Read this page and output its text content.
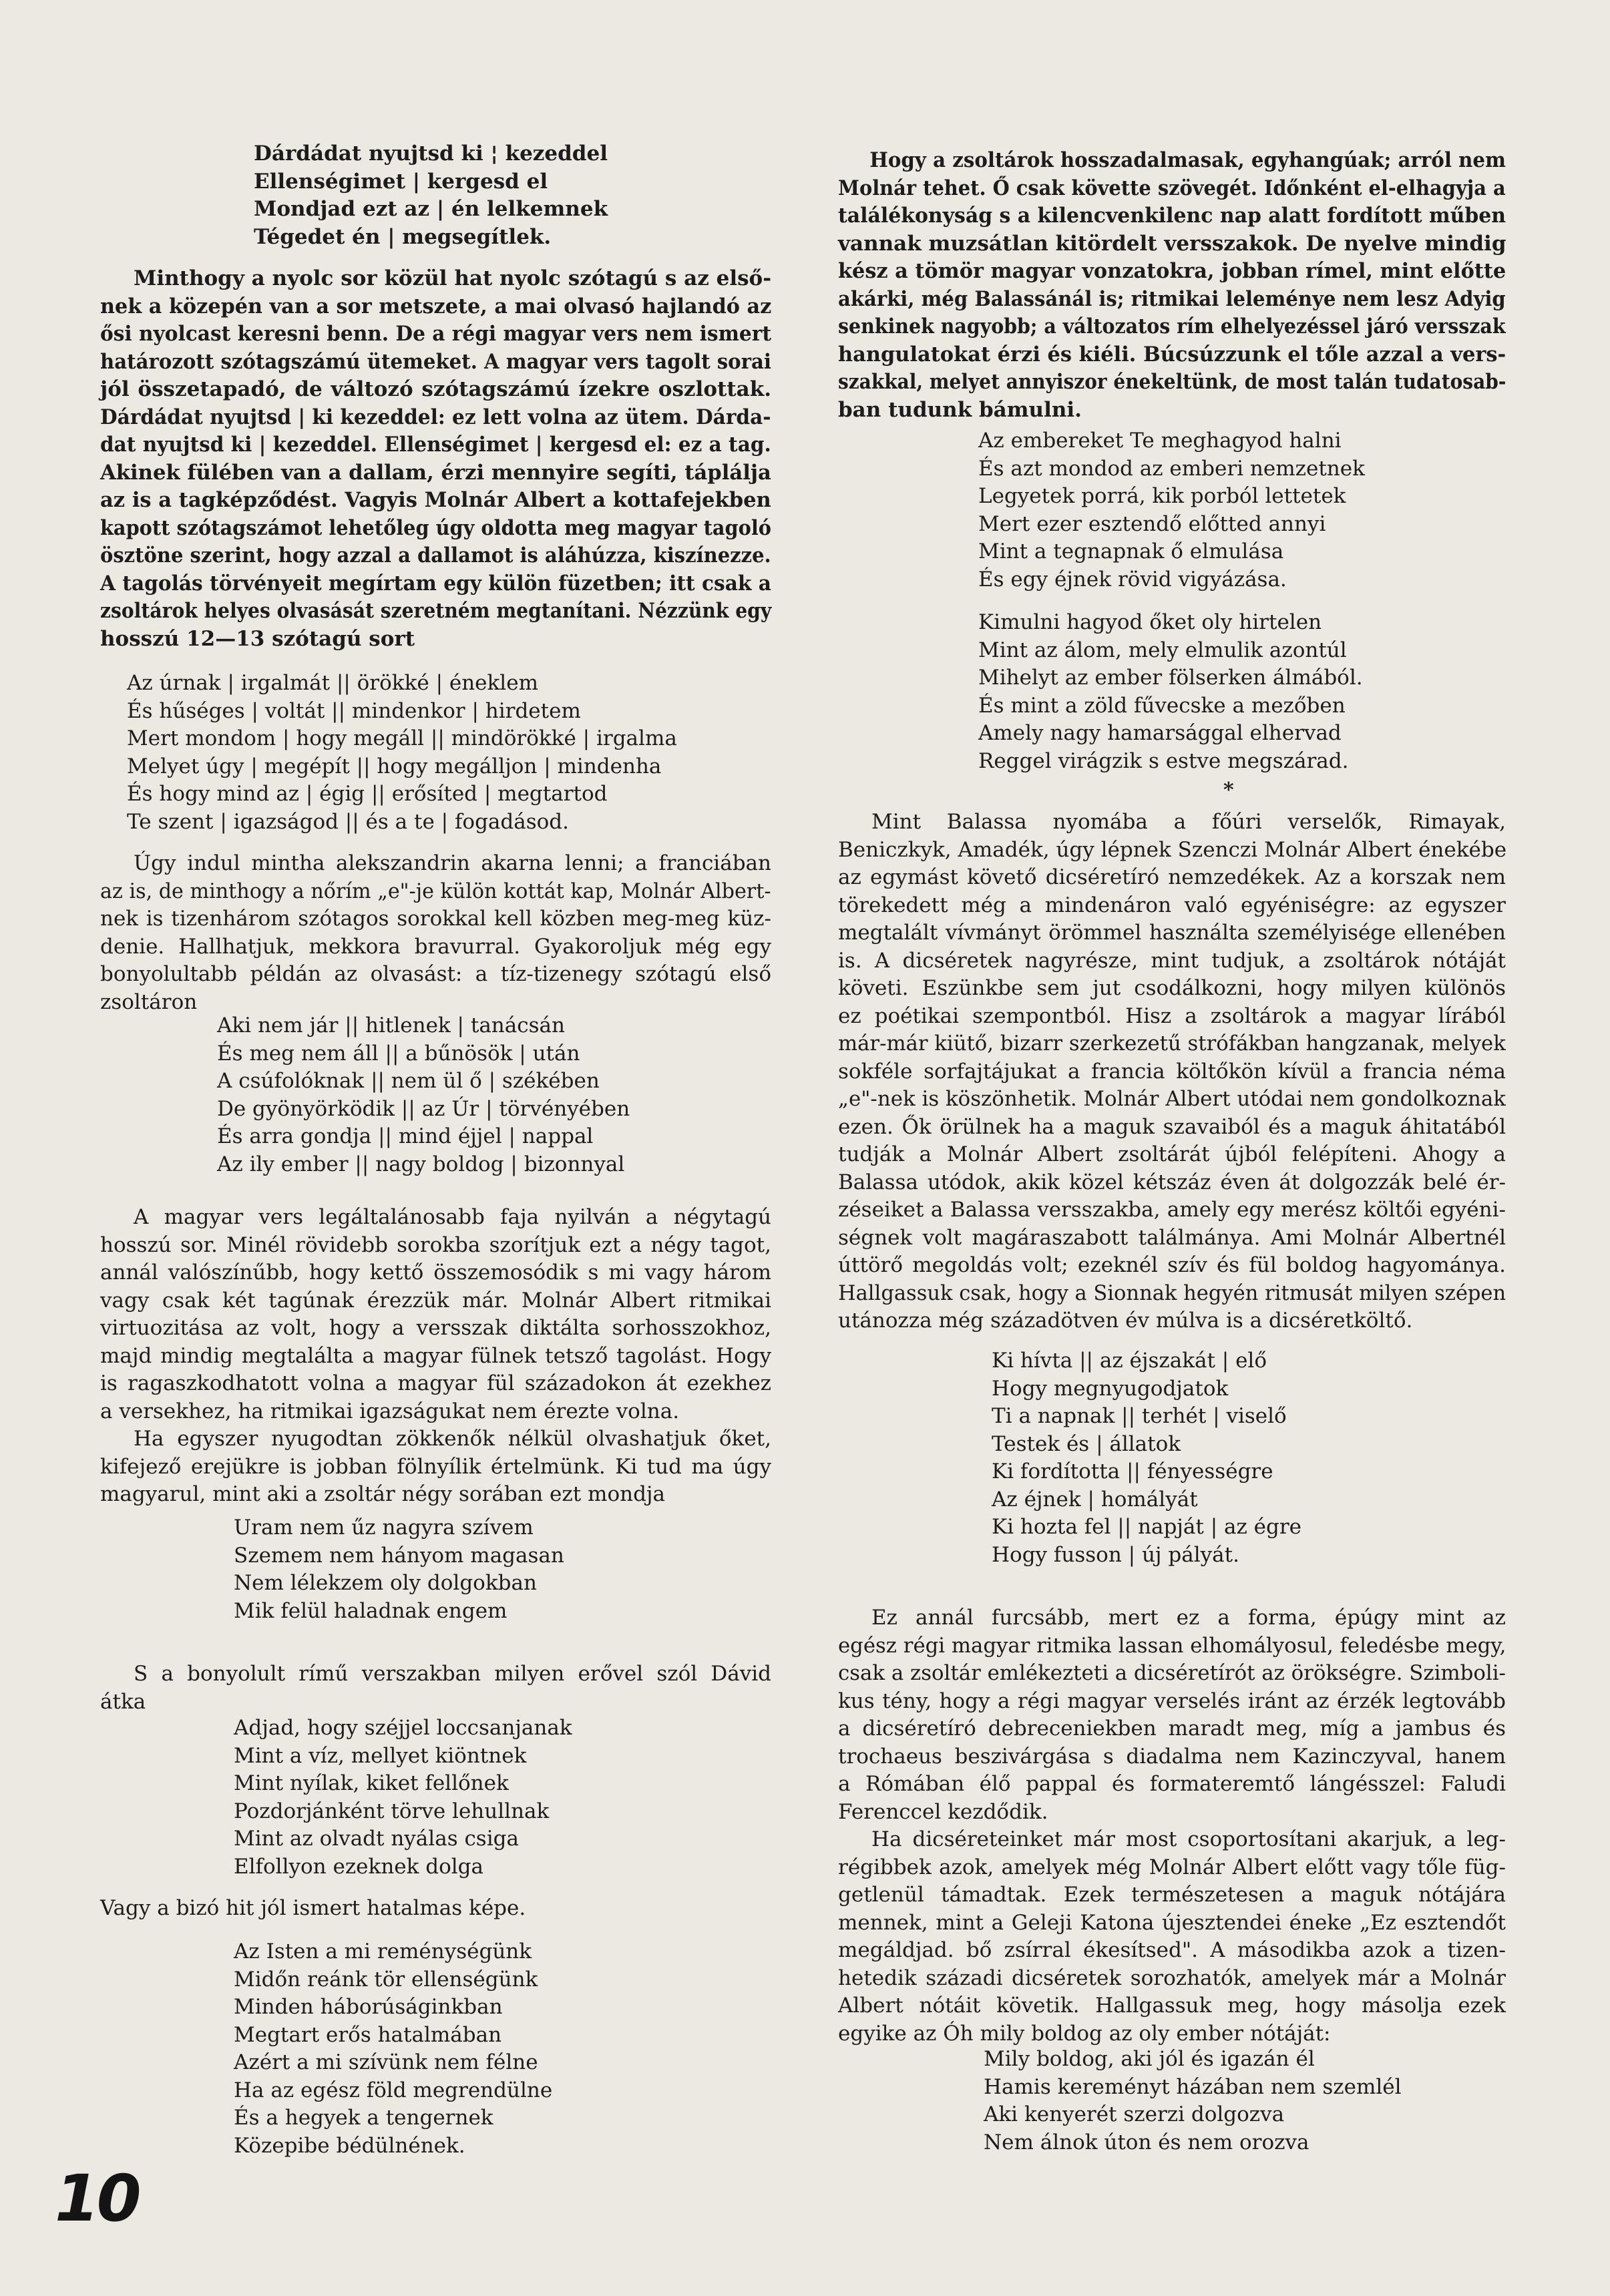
Dárdádat nyujtsd ki ¦ kezeddel
Ellenségimet | kergesd el
Mondjad ezt az | én lelkemnek
Tégedet én | megsegítlek.
Minthogy a nyolc sor közül hat nyolc szótagú s az első-
nek a közepén van a sor metszete, a mai olvasó hajlandó az
ősi nyolcast keresni benn. De a régi magyar vers nem ismert
határozott szótagszámú ütemeket. A magyar vers tagolt sorai
jól összetapadó, de változó szótagszámú ízekre oszlottak.
Dárdádat nyujtsd | ki kezeddel: ez lett volna az ütem. Dárda-
dat nyujtsd ki | kezeddel. Ellenségimet | kergesd el: ez a tag.
Akinek fülében van a dallam, érzi mennyire segíti, táplálja
az is a tagképződést. Vagyis Molnár Albert a kottafejekben
kapott szótagszámot lehetőleg úgy oldotta meg magyar tagoló
ösztöne szerint, hogy azzal a dallamot is aláhúzza, kiszínezze.
A tagolás törvényeit megírtam egy külön füzetben; itt csak a
zsoltárok helyes olvasását szeretném megtanítani. Nézzünk egy
hosszú 12—13 szótagú sort
Az úrnak | irgalmát || örökké | éneklem
És hűséges | voltát || mindenkor | hirdetem
Mert mondom | hogy megáll || mindörökké | irgalma
Melyet úgy | megépít || hogy megálljon | mindenha
És hogy mind az | égig || erősíted | megtartod
Te szent | igazságod || és a te | fogadásod.
Úgy indul mintha alekszandrin akarna lenni; a franciában
az is, de minthogy a nőrím „e"-je külön kottát kap, Molnár Albert-
nek is tizenhárom szótagos sorokkal kell közben meg-meg küz-
denie. Hallhatjuk, mekkora bravurral. Gyakoroljuk még egy
bonyolultabb példán az olvasást: a tíz-tizenegy szótagú első
zsoltáron
Aki nem jár || hitlenek | tanácsán
És meg nem áll || a bűnösök | után
A csúfolóknak || nem ül ő | székében
De gyönyörködik || az Úr | törvényében
És arra gondja || mind éjjel | nappal
Az ily ember || nagy boldog | bizonnyal
A magyar vers legáltalánosabb faja nyilván a négytagú
hosszú sor. Minél rövidebb sorokba szorítjuk ezt a négy tagot,
annál valószínűbb, hogy kettő összemosódik s mi vagy három
vagy csak két tagúnak érezzük már. Molnár Albert ritmikai
virtuozitása az volt, hogy a versszak diktálta sorhosszokhoz,
majd mindig megtalálta a magyar fülnek tetsző tagolást. Hogy
is ragaszkodhatott volna a magyar fül századokon át ezekhez
a versekhez, ha ritmikai igazságukat nem érezte volna.
Ha egyszer nyugodtan zökkenők nélkül olvashatjuk őket,
kifejező erejükre is jobban fölnyílik értelmünk. Ki tud ma úgy
magyarul, mint aki a zsoltár négy sorában ezt mondja
Uram nem űz nagyra szívem
Szemem nem hányom magasan
Nem lélekzem oly dolgokban
Mik felül haladnak engem
S a bonyolult rímű verszakban milyen erővel szól Dávid
átka
Adjad, hogy széjjel loccsanjanak
Mint a víz, mellyet kiöntnek
Mint nyílak, kiket fellőnek
Pozdorjánként törve lehullnak
Mint az olvadt nyálas csiga
Elfollyon ezeknek dolga
Vagy a bizó hit jól ismert hatalmas képe.
Az Isten a mi reménységünk
Midőn reánk tör ellenségünk
Minden háborúságinkban
Megtart erős hatalmában
Azért a mi szívünk nem félne
Ha az egész föld megrendülne
És a hegyek a tengernek
Közepibe bédülnének.
Hogy a zsoltárok hosszadalmasak, egyhangúak; arról nem
Molnár tehet. Ő csak követte szövegét. Időnként el-elhagyja a
találékonyság s a kilencvenkilenc nap alatt fordított műben
vannak muzsátlan kitördelt versszakok. De nyelve mindig
kész a tömör magyar vonzatokra, jobban rímel, mint előtte
akárki, még Balassánál is; ritmikai leleménye nem lesz Adyig
senkinek nagyobb; a változatos rím elhelyezéssel járó versszak
hangulatokat érzi és kiéli. Búcsúzzunk el tőle azzal a vers-
szakkal, melyet annyiszor énekeltünk, de most talán tudatosab-
ban tudunk bámulni.
Az embereket Te meghagyod halni
És azt mondod az emberi nemzetnek
Legyetek porrá, kik porból lettetek
Mert ezer esztendő előtted annyi
Mint a tegnapnak ő elmulása
És egy éjnek rövid vigyázása.
Kimulni hagyod őket oly hirtelen
Mint az álom, mely elmulik azontúl
Mihelyt az ember fölserken álmából.
És mint a zöld fűvecske a mezőben
Amely nagy hamarsággal elhervad
Reggel virágzik s estve megszárad.
Mint Balassa nyomába a főúri verselők, Rimayak,
Beniczkyk, Amadék, úgy lépnek Szenczi Molnár Albert énekébe
az egymást követő dicséretíró nemzedékek. Az a korszak nem
törekedett még a mindenáron való egyéniségre: az egyszer
megtalált vívmányt örömmel használta személyisége ellenében
is. A dicséretek nagyrésze, mint tudjuk, a zsoltárok nótáját
követi. Eszünkbe sem jut csodálkozni, hogy milyen különös
ez poétikai szempontból. Hisz a zsoltárok a magyar lírából
már-már kiütő, bizarr szerkezetű strófákban hangzanak, melyek
sokféle sorfajtájukat a francia költőkön kívül a francia néma
„e"-nek is köszönhetik. Molnár Albert utódai nem gondolkoznak
ezen. Ők örülnek ha a maguk szavaiból és a maguk áhitatából
tudják a Molnár Albert zsoltárát újból felépíteni. Ahogy a
Balassa utódok, akik közel kétszáz éven át dolgozzák belé ér-
zéseiket a Balassa versszakba, amely egy merész költői egyéni-
ségnek volt magáraszabott találmánya. Ami Molnár Albertnél
úttörő megoldás volt; ezeknél szív és fül boldog hagyománya.
Hallgassuk csak, hogy a Sionnak hegyén ritmusát milyen szépen
utánozza még századötven év múlva is a dicséretköltő.
Ki hívta || az éjszakát | elő
Hogy megnyugodjatok
Ti a napnak || terhét | viselő
Testek és | állatok
Ki fordította || fényességre
Az éjnek | homályát
Ki hozta fel || napját | az égre
Hogy fusson | új pályát.
Ez annál furcsább, mert ez a forma, épúgy mint az
egész régi magyar ritmika lassan elhomályosul, feledésbe megy,
csak a zsoltár emlékezteti a dicséretírót az örökségre. Szimboli-
kus tény, hogy a régi magyar verselés iránt az érzék legtovább
a dicséretíró debreceniekben maradt meg, míg a jambus és
trochaeus beszivárgása s diadalma nem Kazinczyval, hanem
a Rómában élő pappal és formateremtő lángésszel: Faludi
Ferenccel kezdődik.
Ha dicséreteinket már most csoportosítani akarjuk, a leg-
régibbek azok, amelyek még Molnár Albert előtt vagy tőle füg-
getlenül támadtak. Ezek természetesen a maguk nótájára
mennek, mint a Geleji Katona újesztendei éneke „Ez esztendőt
megáldjad. bő zsírral ékesítsed". A másodikba azok a tizen-
hetedik századi dicséretek sorozhatók, amelyek már a Molnár
Albert nótáit követik. Hallgassuk meg, hogy másolja ezek
egyike az Óh mily boldog az oly ember nótáját:
Mily boldog, aki jól és igazán él
Hamis kereményt házában nem szemlél
Aki kenyerét szerzi dolgozva
Nem álnok úton és nem orozva
*
10
